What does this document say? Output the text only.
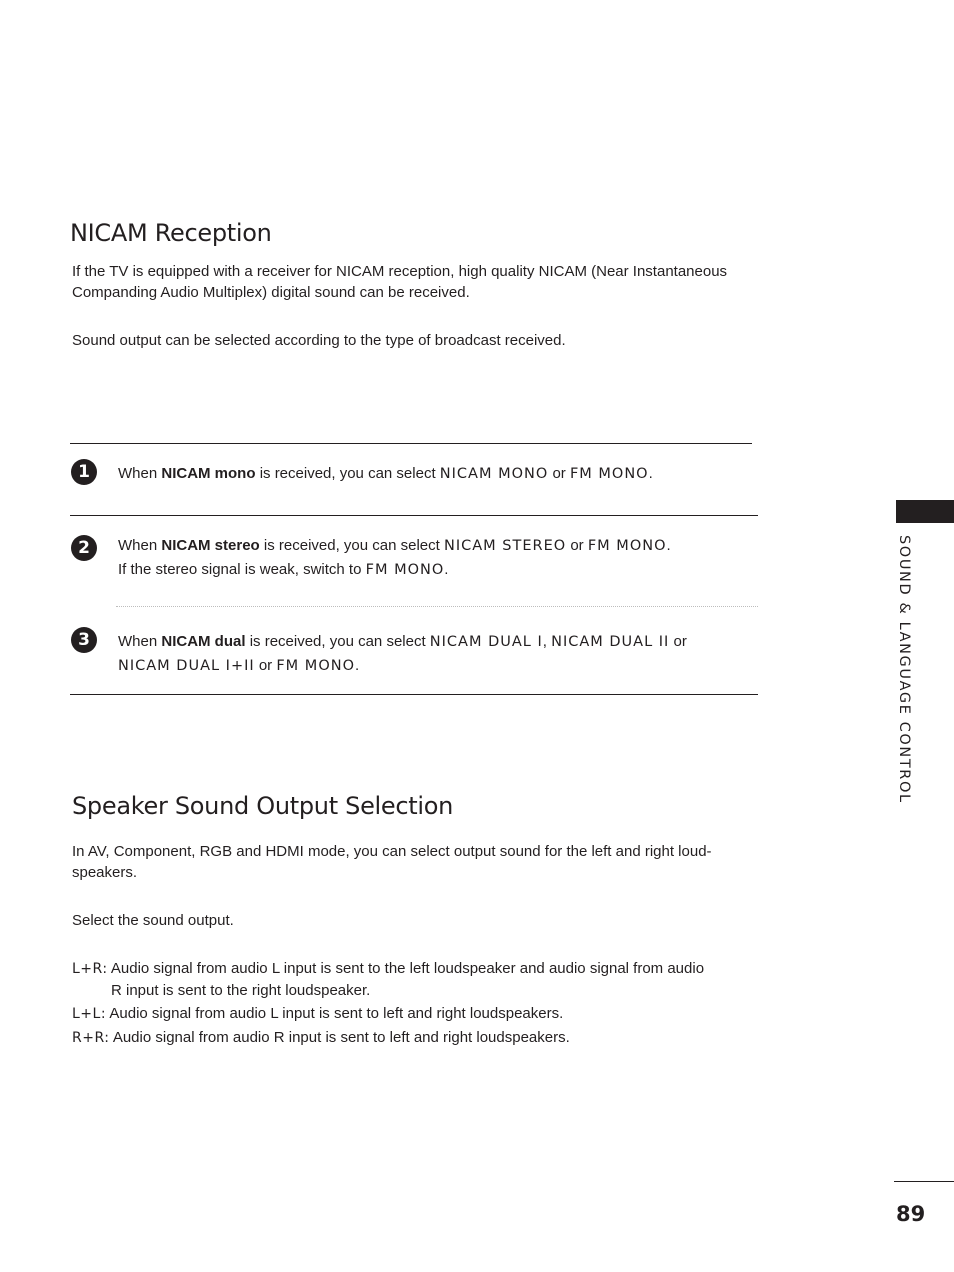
NICAM Reception
If the TV is equipped with a receiver for NICAM reception, high quality NICAM (Near Instantaneous Companding Audio Multiplex) digital sound can be received.
Sound output can be selected according to the type of broadcast received.
1	When NICAM mono is received, you can select NICAM MONO or FM MONO.
2	When NICAM stereo is received, you can select NICAM STEREO or FM MONO.
If the stereo signal is weak, switch to FM MONO.
3	When NICAM dual is received, you can select NICAM DUAL I, NICAM DUAL II or
NICAM DUAL I+II or FM MONO.
Speaker Sound Output Selection
In AV, Component, RGB and HDMI mode, you can select output sound for the left and right loud-speakers.
Select the sound output.
L+R: Audio signal from audio L input is sent to the left loudspeaker and audio signal from audio
R input is sent to the right loudspeaker.
L+L: Audio signal from audio L input is sent to left and right loudspeakers.
R+R: Audio signal from audio R input is sent to left and right loudspeakers.
SOUND & LANGUAGE CONTROL
89
